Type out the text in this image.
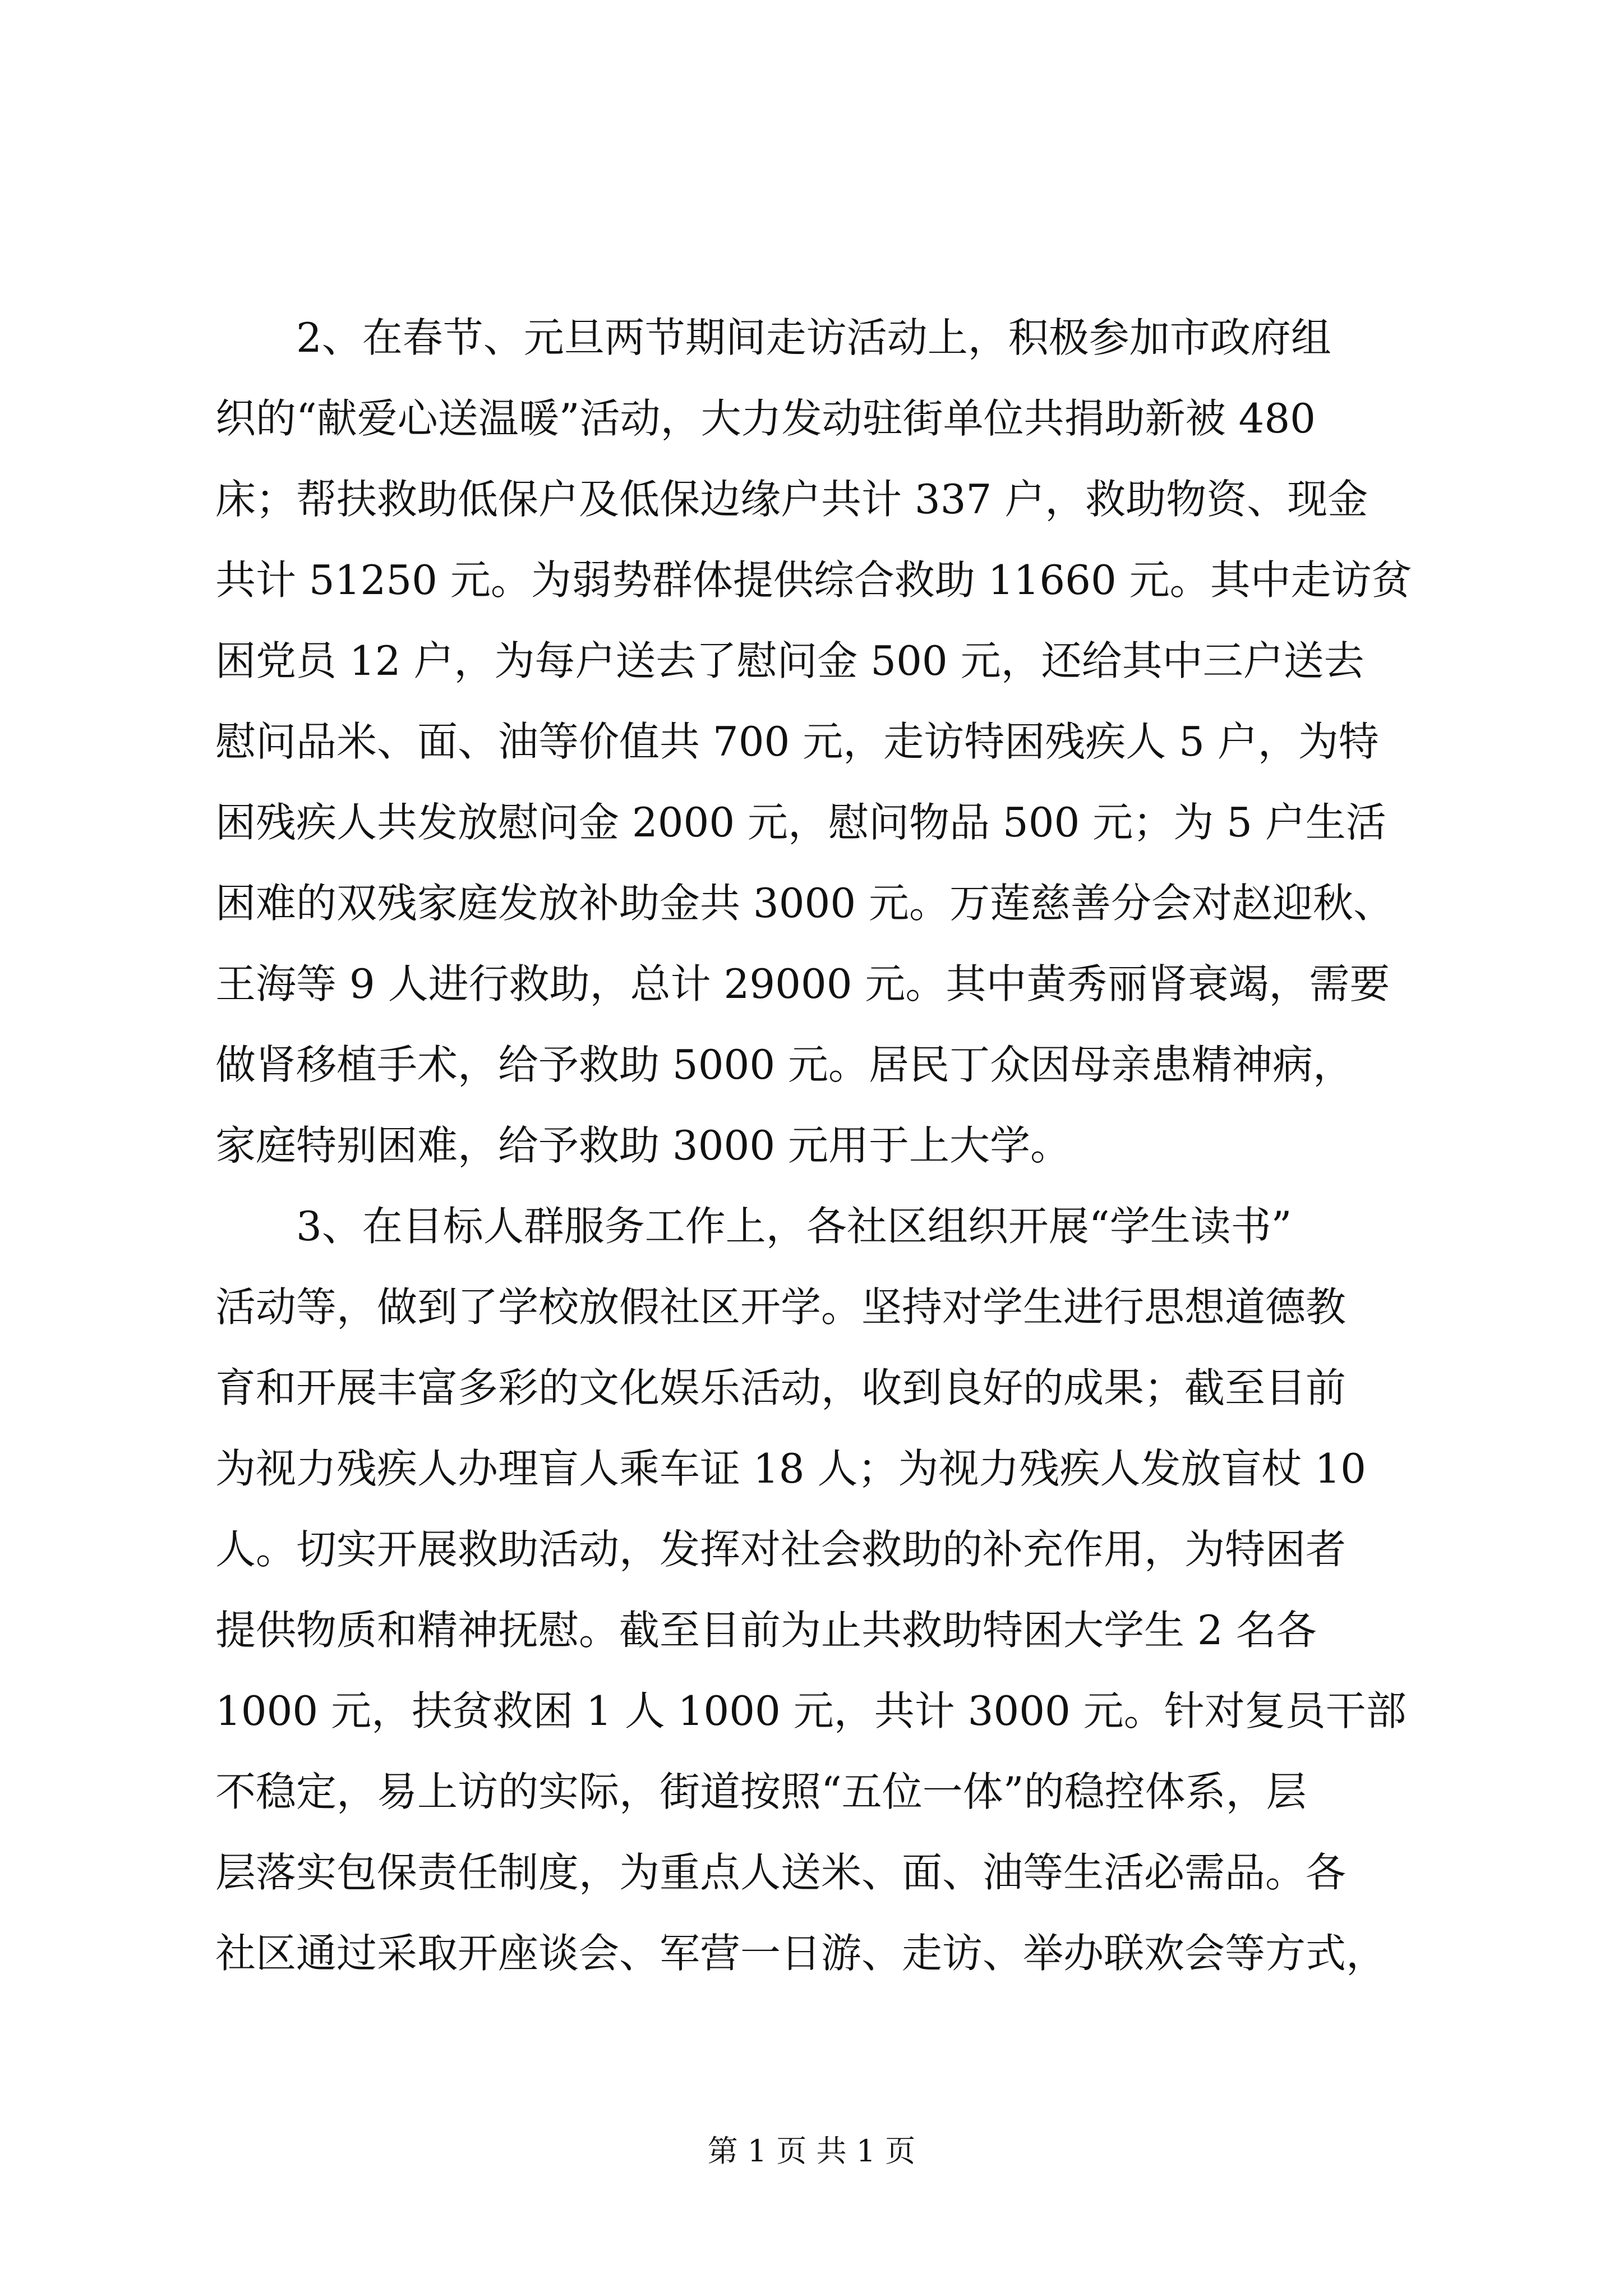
2、在春节、元旦两节期间走访活动上，积极参加市政府组
织的“献爱心送温暖”活动，大力发动驻街单位共捐助新被 480
床；帮扶救助低保户及低保边缘户共计 337 户，救助物资、现金
共计 51250 元。为弱势群体提供综合救助 11660 元。其中走访贫
困党员 12 户，为每户送去了慰问金 500 元，还给其中三户送去
慰问品米、面、油等价值共 700 元，走访特困残疾人 5 户，为特
困残疾人共发放慰问金 2000 元，慰问物品 500 元；为 5 户生活
困难的双残家庭发放补助金共 3000 元。万莲慈善分会对赵迎秋、
王海等 9 人进行救助，总计 29000 元。其中黄秀丽肾衰竭，需要
做肾移植手术，给予救助 5000 元。居民丁众因母亲患精神病，
家庭特别困难，给予救助 3000 元用于上大学。
3、在目标人群服务工作上，各社区组织开展“学生读书”
活动等，做到了学校放假社区开学。坚持对学生进行思想道德教
育和开展丰富多彩的文化娱乐活动，收到良好的成果；截至目前
为视力残疾人办理盲人乘车证 18 人；为视力残疾人发放盲杖 10
人。切实开展救助活动，发挥对社会救助的补充作用，为特困者
提供物质和精神抚慰。截至目前为止共救助特困大学生 2 名各
1000 元，扶贫救困 1 人 1000 元，共计 3000 元。针对复员干部
不稳定，易上访的实际，街道按照“五位一体”的稳控体系，层
层落实包保责任制度，为重点人送米、面、油等生活必需品。各
社区通过采取开座谈会、军营一日游、走访、举办联欢会等方式，
第 1 页 共 1 页
